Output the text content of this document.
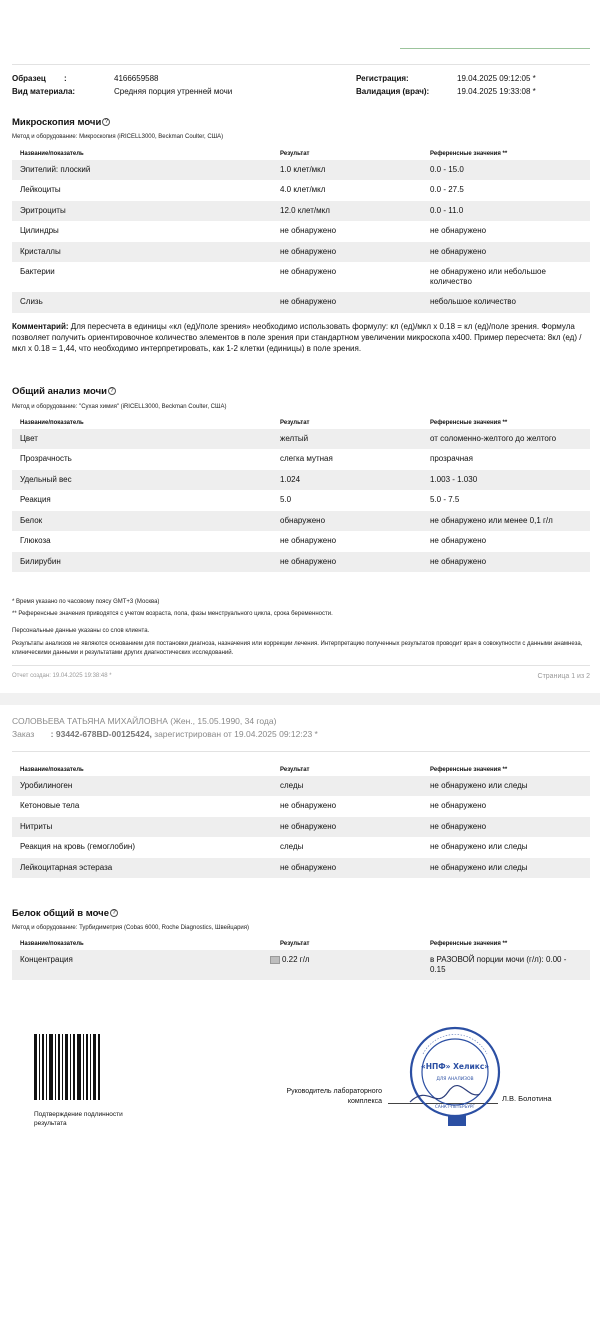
Образец :	4166659588
Вид материала:	Средняя порция утренней мочи
Регистрация:	19.04.2025 09:12:05 *
Валидация (врач):	19.04.2025 19:33:08 *
Микроскопия мочи ?
Метод и оборудование: Микроскопия (iRICELL3000, Beckman Coulter, США)
Название/показатель	Результат	Референсные значения **
Комментарий: Для пересчета в единицы «кл (ед)/поле зрения» необходимо использовать формулу: кл (ед)/мкл х 0.18 = кл (ед)/поле зрения. Формула позволяет получить ориентировочное количество элементов в поле зрения при стандартном увеличении микроскопа х400. Пример пересчета: 8кл (ед) /мкл х 0.18 = 1,44, что необходимо интерпретировать, как 1-2 клетки (единицы) в поле зрения.
Общий анализ мочи ?
Метод и оборудование: "Сухая химия" (iRICELL3000, Beckman Coulter, США)
Название/показатель	Результат	Референсные значения **
* Время указано по часовому поясу GMT+3 (Москва)
** Референсные значения приводятся с учетом возраста, пола, фазы менструального цикла, срока беременности.
Персональные данные указаны со слов клиента.
Результаты анализов не являются основанием для постановки диагноза, назначения или коррекции лечения. Интерпретацию полученных результатов проводит врач в совокупности с данными анамнеза, клиническими данными и результатами других диагностических исследований.
Отчет создан: 19.04.2025 19:38:48 *	Страница 1 из 2
СОЛОВЬЕВА ТАТЬЯНА МИХАЙЛОВНА (Жен., 15.05.1990, 34 года)
Заказ : 93442-678BD-00125424, зарегистрирован от 19.04.2025 09:12:23 *
Название/показатель	Результат	Референсные значения **
Белок общий в моче ?
Метод и оборудование: Турбидиметрия (Cobas 6000, Roche Diagnostics, Швейцария)
Название/показатель	Результат	Референсные значения **
Подтверждение подлинности результата
Руководитель лабораторного комплекса	Л.В. Болотина
«НПФ» Хеликс»
ДЛЯ АНАЛИЗОВ
САНКТ-ПЕТЕРБУРГ
Эпителий: плоский	1.0 клет/мкл	0.0 - 15.0
Лейкоциты	4.0 клет/мкл	0.0 - 27.5
Эритроциты	12.0 клет/мкл	0.0 - 11.0
Цилиндры	не обнаружено	не обнаружено
Кристаллы	не обнаружено	не обнаружено
Бактерии	не обнаружено	не обнаружено или небольшое количество
Слизь	не обнаружено	небольшое количество
Цвет	желтый	от соломенно-желтого до желтого
Прозрачность	слегка мутная	прозрачная
Удельный вес	1.024	1.003 - 1.030
Реакция	5.0	5.0 - 7.5
Белок	обнаружено	не обнаружено или менее 0,1 г/л
Глюкоза	не обнаружено	не обнаружено
Билирубин	не обнаружено	не обнаружено
Уробилиноген	следы	не обнаружено или следы
Кетоновые тела	не обнаружено	не обнаружено
Нитриты	не обнаружено	не обнаружено
Реакция на кровь (гемоглобин)	следы	не обнаружено или следы
Лейкоцитарная эстераза	не обнаружено	не обнаружено или следы
Концентрация	0.22 г/л	в РАЗОВОЙ порции мочи (г/л): 0.00 - 0.15
